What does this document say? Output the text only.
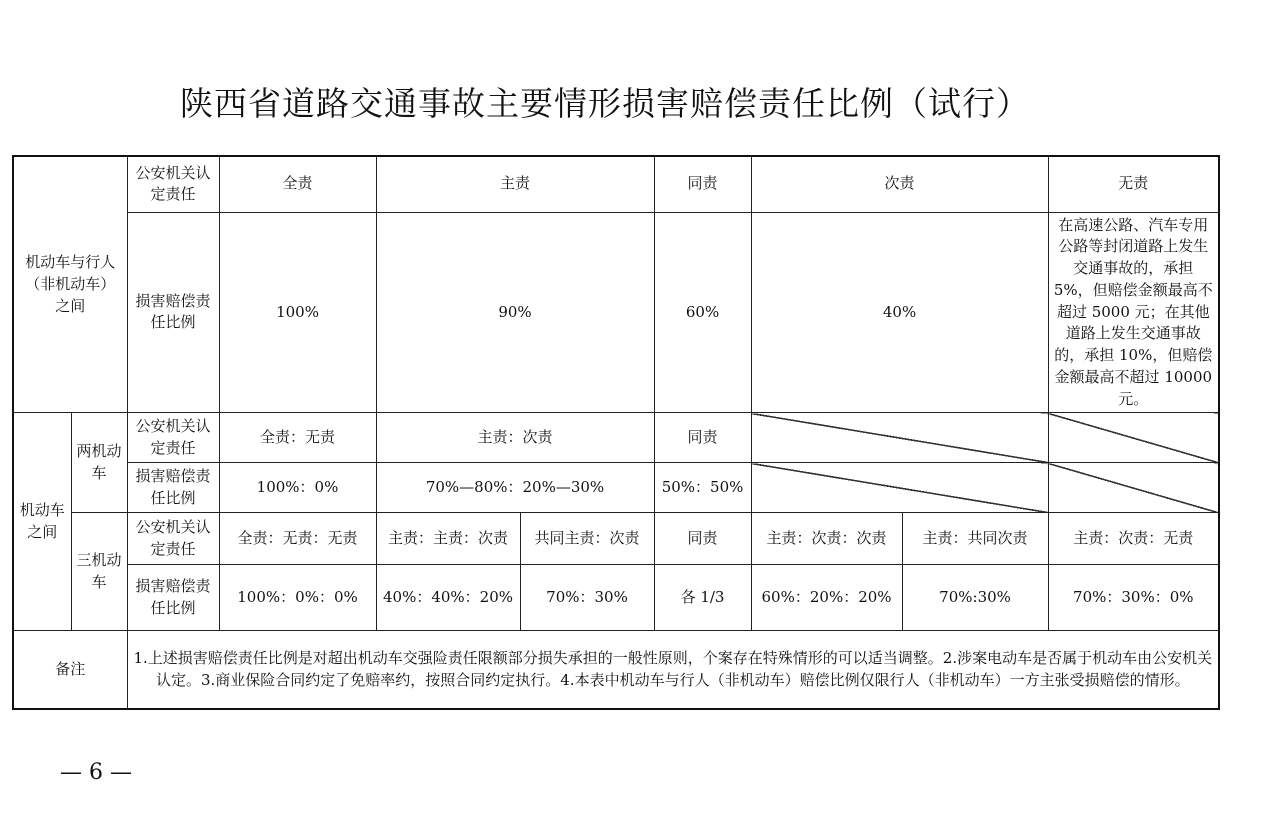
陕西省道路交通事故主要情形损害赔偿责任比例（试行）
机动车与行人（非机动车）之间		公安机关认定责任	全责	主责		同责	次责		无责
		损害赔偿责任比例	100%	90%		60%	40%		在高速公路、汽车专用公路等封闭道路上发生交通事故的，承担 5%，但赔偿金额最高不超过 5000 元；在其他道路上发生交通事故的，承担 10%，但赔偿金额最高不超过 10000 元。
机动车之间	两机动车	公安机关认定责任	全责：无责	主责：次责		同责			
		损害赔偿责任比例	100%：0%	70%—80%：20%—30%		50%：50%			
	三机动车	公安机关认定责任	全责：无责：无责	主责：主责：次责	共同主责：次责	同责	主责：次责：次责	主责：共同次责	主责：次责：无责
		损害赔偿责任比例	100%：0%：0%	40%：40%：20%	70%：30%	各 1/3	60%：20%：20%	70%:30%	70%：30%：0%
备注		1.上述损害赔偿责任比例是对超出机动车交强险责任限额部分损失承担的一般性原则，个案存在特殊情形的可以适当调整。2.涉案电动车是否属于机动车由公安机关认定。3.商业保险合同约定了免赔率约，按照合同约定执行。4.本表中机动车与行人（非机动车）赔偿比例仅限行人（非机动车）一方主张受损赔偿的情形。							
— 6 —
